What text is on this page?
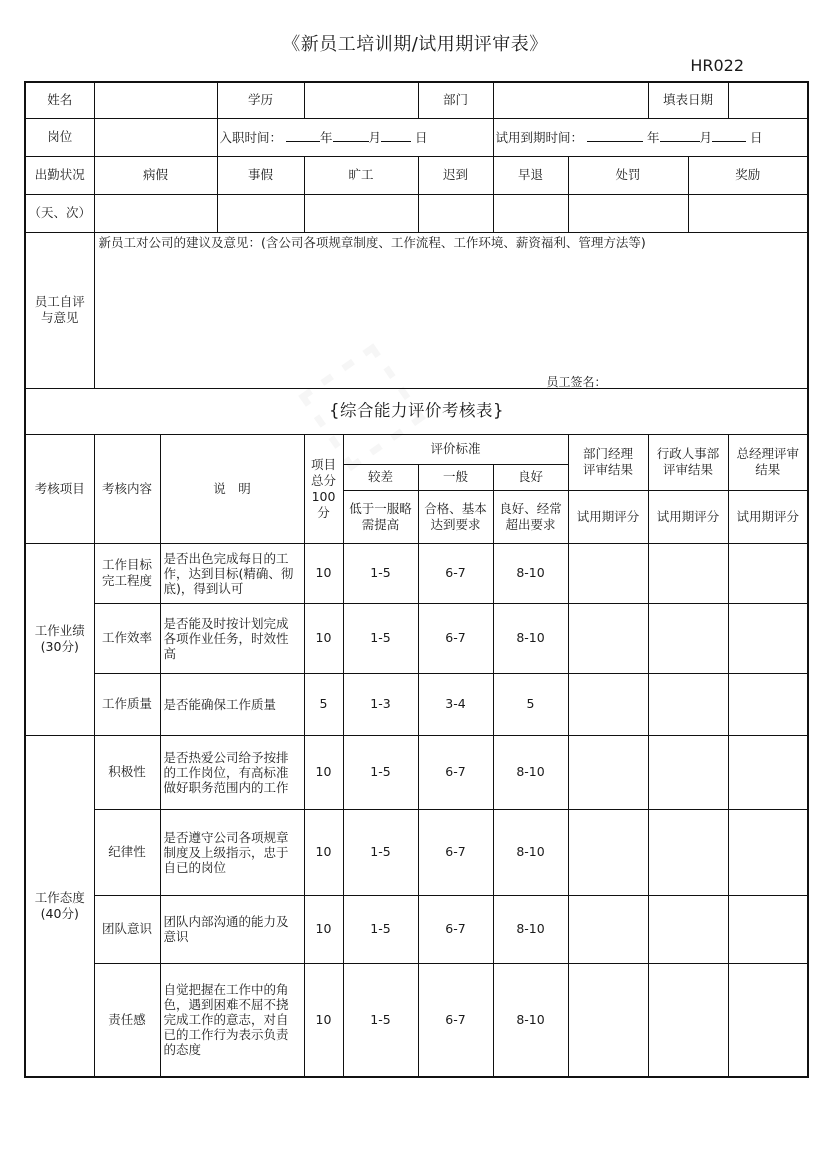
《新员工培训期/试用期评审表》
HR022
姓名			学历			部门			填表日期		
岗位			入职时间： 年 月 日				试用到期时间： 年 月 日				
出勤状况	病假		事假	旷工		迟到	早退	处罚		奖励	
（天、次）											
员工自评与意见	新员工对公司的建议及意见：(含公司各项规章制度、工作流程、工作环境、薪资福利、管理方法等)
员工签名：										

{综合能力评价考核表}											
考核项目	考核内容	说　明		项目总分100分	评价标准			部门经理评审结果	行政人事部评审结果		总经理评审结果
					较差	一般	良好				
					低于一服略需提高	合格、基本达到要求	良好、经常超出要求	试用期评分	试用期评分		试用期评分
工作业绩(30分)	工作目标完工程度	是否出色完成每日的工作，达到目标(精确、彻底)，得到认可		10	1-5	6-7	8-10				
	工作效率	是否能及时按计划完成各项作业任务，时效性高		10	1-5	6-7	8-10				
	工作质量	是否能确保工作质量		5	1-3	3-4	5				
工作态度(40分)	积极性	是否热爱公司给予按排的工作岗位，有高标准做好职务范围内的工作		10	1-5	6-7	8-10				
	纪律性	是否遵守公司各项规章制度及上级指示，忠于自已的岗位		10	1-5	6-7	8-10				
	团队意识	团队内部沟通的能力及意识		10	1-5	6-7	8-10				
	责任感	自觉把握在工作中的角色，遇到困难不屈不挠完成工作的意志，对自已的工作行为表示负责的态度		10	1-5	6-7	8-10				
